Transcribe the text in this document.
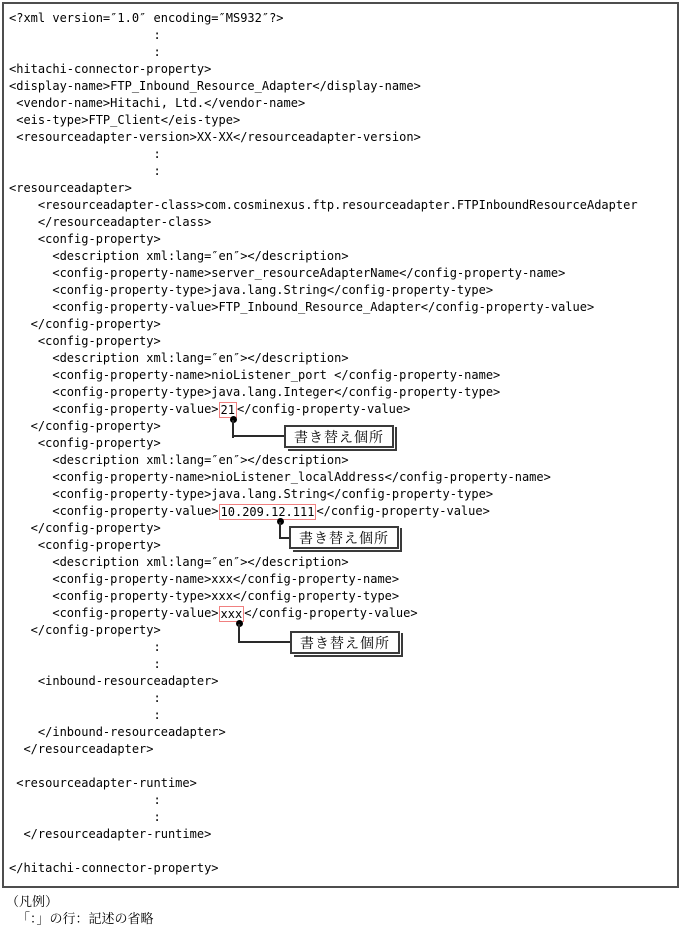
<?xml version=″1.0″ encoding=″MS932″?>
:
:
<hitachi-connector-property>
<display-name>FTP_Inbound_Resource_Adapter</display-name>
<vendor-name>Hitachi, Ltd.</vendor-name>
<eis-type>FTP_Client</eis-type>
<resourceadapter-version>XX-XX</resourceadapter-version>
:
:
<resourceadapter>
<resourceadapter-class>com.cosminexus.ftp.resourceadapter.FTPInboundResourceAdapter
</resourceadapter-class>
<config-property>
<description xml:lang=″en″></description>
<config-property-name>server_resourceAdapterName</config-property-name>
<config-property-type>java.lang.String</config-property-type>
<config-property-value>FTP_Inbound_Resource_Adapter</config-property-value>
</config-property>
<config-property>
<description xml:lang=″en″></description>
<config-property-name>nioListener_port </config-property-name>
<config-property-type>java.lang.Integer</config-property-type>
<config-property-value> 21 </config-property-value>
</config-property>
<config-property>
<description xml:lang=″en″></description>
<config-property-name>nioListener_localAddress</config-property-name>
<config-property-type>java.lang.String</config-property-type>
<config-property-value> 10.209.12.111 </config-property-value>
</config-property>
<config-property>
<description xml:lang=″en″></description>
<config-property-name>xxx</config-property-name>
<config-property-type>xxx</config-property-type>
<config-property-value> xxx </config-property-value>
</config-property>
:
:
<inbound-resourceadapter>
:
:
</inbound-resourceadapter>
</resourceadapter>

<resourceadapter-runtime>
:
:
</resourceadapter-runtime>

</hitachi-connector-property>
書き替え個所
書き替え個所
書き替え個所
（凡例）
「：」の行：記述の省略
